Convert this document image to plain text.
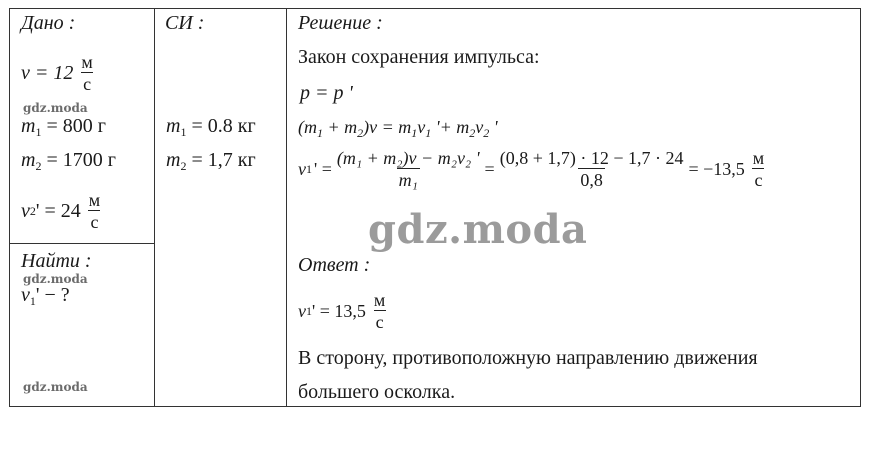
Дано :	СИ :	Решение :
$v = 12 \frac{м}{с}$
gdz.moda
$m_1 = 800$ г
$m_2 = 1700$ г
v 2 ' = $24 \frac{м}{с}$
Найти :
gdz.moda
$v_1'$ − ?
gdz.moda
$m_1 = 0.8$ кг
$m_2 = 1,7$ кг
Закон сохранения импульса:
p = p '
$(m_1 + m_2)v = m_1v_1$ '+ $m_2v_2$ '
v 1 ' = $\frac{\text{(m₁ + m₂)v − m₂v₂ '}}{\text{m₁}} = \frac{(0,8 + 1,7) \cdot 12 - 1,7 \cdot 24}{0,8} = -13,5 \frac{м}{с}$
gdz.moda
Ответ :
v 1 ' = $13,5 \frac{м}{с}$
В сторону, противоположную направлению движения
большего осколка.
